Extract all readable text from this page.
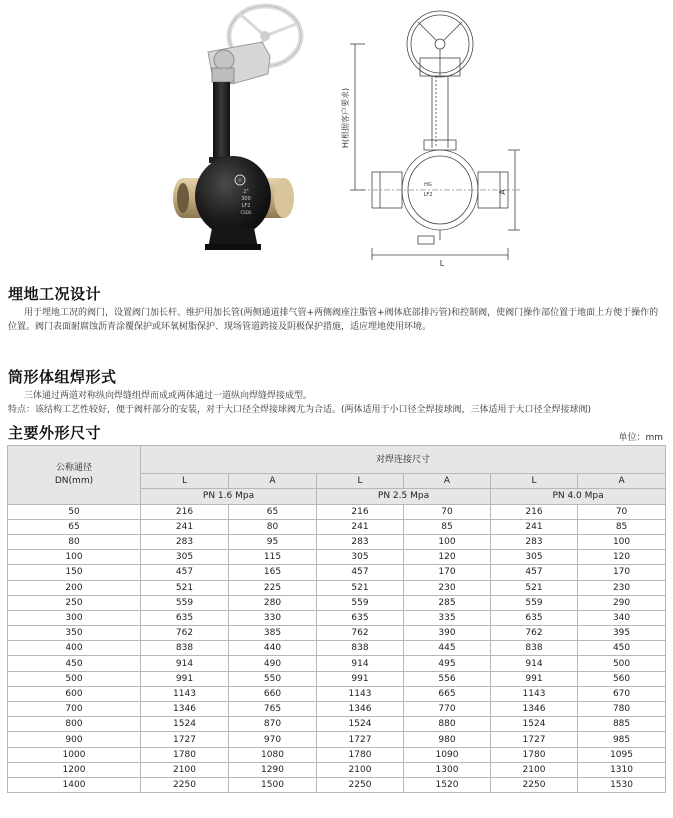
Ⓜ
2"
300
LF2
CSDS
H(根据客户要求)
A
L
HG
LF2
埋地工况设计

用于埋地工况的阀门，设置阀门加长杆、维护用加长管(两侧通道排气管+两侧阀座注脂管+阀体底部排污管)和控制阀，使阀门操作部位置于地面上方便于操作的位置。阀门表面耐腐蚀沥青涂覆保护或环氧树脂保护、现场管道跨接及阴极保护措施，适应埋地使用环境。

筒形体组焊形式

三体通过两道对称纵向焊缝组焊而成或两体通过一道纵向焊缝焊接成型。

特点：该结构工艺性较好，便于阀杆部分的安装，对于大口径全焊接球阀尤为合适。(两体适用于小口径全焊接球阀，三体适用于大口径全焊接球阀)

主要外形尺寸	单位：mm
公称通径
DN(mm)	对焊连接尺寸					
	L	A	L	A	L	A
	PN 1.6 Mpa		PN 2.5 Mpa		PN 4.0 Mpa	
50	216	65	216	70	216	70
65	241	80	241	85	241	85
80	283	95	283	100	283	100
100	305	115	305	120	305	120
150	457	165	457	170	457	170
200	521	225	521	230	521	230
250	559	280	559	285	559	290
300	635	330	635	335	635	340
350	762	385	762	390	762	395
400	838	440	838	445	838	450
450	914	490	914	495	914	500
500	991	550	991	556	991	560
600	1143	660	1143	665	1143	670
700	1346	765	1346	770	1346	780
800	1524	870	1524	880	1524	885
900	1727	970	1727	980	1727	985
1000	1780	1080	1780	1090	1780	1095
1200	2100	1290	2100	1300	2100	1310
1400	2250	1500	2250	1520	2250	1530
